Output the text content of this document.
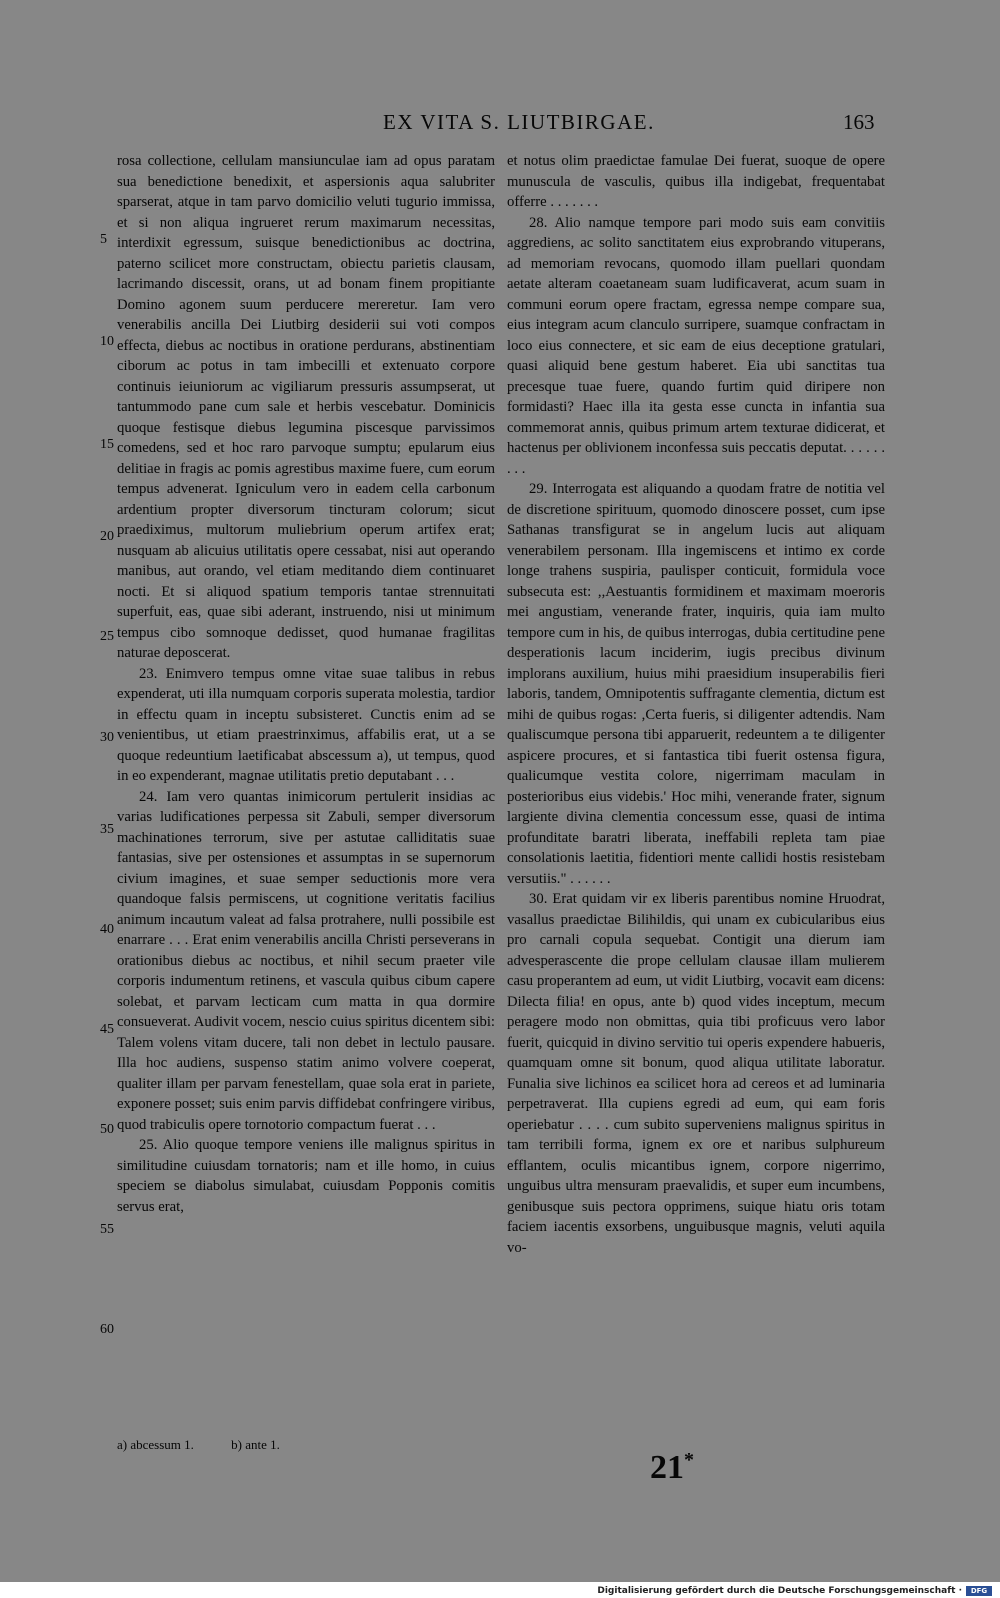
EX VITA S. LIUTBIRGAE.	163
5
10
15
20
25
30
35
40
45
50
55
60

rosa collectione, cellulam mansiunculae iam ad opus paratam sua benedictione benedixit, et aspersionis aqua salubriter sparserat, atque in tam parvo domicilio veluti tugurio immissa, et si non aliqua ingrueret rerum maximarum necessitas, interdixit egressum, suisque benedictionibus ac doctrina, paterno scilicet more constructam, obiectu parietis clausam, lacrimando discessit, orans, ut ad bonam finem propitiante Domino agonem suum perducere mereretur. Iam vero venerabilis ancilla Dei Liutbirg desiderii sui voti compos effecta, diebus ac noctibus in oratione perdurans, abstinentiam ciborum ac potus in tam imbecilli et extenuato corpore continuis ieiuniorum ac vigiliarum pressuris assumpserat, ut tantummodo pane cum sale et herbis vescebatur. Dominicis quoque festisque diebus legumina piscesque parvissimos comedens, sed et hoc raro parvoque sumptu; epularum eius delitiae in fragis ac pomis agrestibus maxime fuere, cum eorum tempus advenerat. Igniculum vero in eadem cella carbonum ardentium propter diversorum tincturam colorum; sicut praediximus, multorum muliebrium operum artifex erat; nusquam ab alicuius utilitatis opere cessabat, nisi aut operando manibus, aut orando, vel etiam meditando diem continuaret nocti. Et si aliquod spatium temporis tantae strennuitati superfuit, eas, quae sibi aderant, instruendo, nisi ut minimum tempus cibo somnoque dedisset, quod humanae fragilitas naturae deposcerat.

23. Enimvero tempus omne vitae suae talibus in rebus expenderat, uti illa numquam corporis superata molestia, tardior in effectu quam in inceptu subsisteret. Cunctis enim ad se venientibus, ut etiam praestrinximus, affabilis erat, ut a se quoque redeuntium laetificabat abscessum a), ut tempus, quod in eo expenderant, magnae utilitatis pretio deputabant . . .

24. Iam vero quantas inimicorum pertulerit insidias ac varias ludificationes perpessa sit Zabuli, semper diversorum machinationes terrorum, sive per astutae calliditatis suae fantasias, sive per ostensiones et assumptas in se supernorum civium imagines, et suae semper seductionis more vera quandoque falsis permiscens, ut cognitione veritatis facilius animum incautum valeat ad falsa protrahere, nulli possibile est enarrare . . . Erat enim venerabilis ancilla Christi perseverans in orationibus diebus ac noctibus, et nihil secum praeter vile corporis indumentum retinens, et vascula quibus cibum capere solebat, et parvam lecticam cum matta in qua dormire consueverat. Audivit vocem, nescio cuius spiritus dicentem sibi: Talem volens vitam ducere, tali non debet in lectulo pausare. Illa hoc audiens, suspenso statim animo volvere coeperat, qualiter illam per parvam fenestellam, quae sola erat in pariete, exponere posset; suis enim parvis diffidebat confringere viribus, quod trabiculis opere tornotorio compactum fuerat . . .

25. Alio quoque tempore veniens ille malignus spiritus in similitudine cuiusdam tornatoris; nam et ille homo, in cuius speciem se diabolus simulabat, cuiusdam Popponis comitis servus erat,

et notus olim praedictae famulae Dei fuerat, suoque de opere munuscula de vasculis, quibus illa indigebat, frequentabat offerre . . . . . . .

28. Alio namque tempore pari modo suis eam convitiis aggrediens, ac solito sanctitatem eius exprobrando vituperans, ad memoriam revocans, quomodo illam puellari quondam aetate alteram coaetaneam suam ludificaverat, acum suam in communi eorum opere fractam, egressa nempe compare sua, eius integram acum clanculo surripere, suamque confractam in loco eius connectere, et sic eam de eius deceptione gratulari, quasi aliquid bene gestum haberet. Eia ubi sanctitas tua precesque tuae fuere, quando furtim quid diripere non formidasti? Haec illa ita gesta esse cuncta in infantia sua commemorat annis, quibus primum artem texturae didicerat, et hactenus per oblivionem inconfessa suis peccatis deputat. . . . . . . . .

29. Interrogata est aliquando a quodam fratre de notitia vel de discretione spirituum, quomodo dinoscere posset, cum ipse Sathanas transfigurat se in angelum lucis aut aliquam venerabilem personam. Illa ingemiscens et intimo ex corde longe trahens suspiria, paulisper conticuit, formidula voce subsecuta est: ,,Aestuantis formidinem et maximam moeroris mei angustiam, venerande frater, inquiris, quia iam multo tempore cum in his, de quibus interrogas, dubia certitudine pene desperationis lacum inciderim, iugis precibus divinum implorans auxilium, huius mihi praesidium insuperabilis fieri laboris, tandem, Omnipotentis suffragante clementia, dictum est mihi de quibus rogas: ,Certa fueris, si diligenter adtendis. Nam qualiscumque persona tibi apparuerit, redeuntem a te diligenter aspicere procures, et si fantastica tibi fuerit ostensa figura, qualicumque vestita colore, nigerrimam maculam in posterioribus eius videbis.' Hoc mihi, venerande frater, signum largiente divina clementia concessum esse, quasi de intima profunditate baratri liberata, ineffabili repleta tam piae consolationis laetitia, fidentiori mente callidi hostis resistebam versutiis." . . . . . .

30. Erat quidam vir ex liberis parentibus nomine Hruodrat, vasallus praedictae Bilihildis, qui unam ex cubicularibus eius pro carnali copula sequebat. Contigit una dierum iam advesperascente die prope cellulam clausae illam mulierem casu properantem ad eum, ut vidit Liutbirg, vocavit eam dicens: Dilecta filia! en opus, ante b) quod vides inceptum, mecum peragere modo non obmittas, quia tibi proficuus vero labor fuerit, quicquid in divino servitio tui operis expendere habueris, quamquam omne sit bonum, quod aliqua utilitate laboratur. Funalia sive lichinos ea scilicet hora ad cereos et ad luminaria perpetraverat. Illa cupiens egredi ad eum, qui eam foris operiebatur . . . . cum subito superveniens malignus spiritus in tam terribili forma, ignem ex ore et naribus sulphureum efflantem, oculis micantibus ignem, corpore nigerrimo, unguibus ultra mensuram praevalidis, et super eum incumbens, genibusque suis pectora opprimens, suique hiatu oris totam faciem iacentis exsorbens, unguibusque magnis, veluti aquila vo-

a) abcessum 1.	b) ante 1.
21*
Digitalisierung gefördert durch die Deutsche Forschungsgemeinschaft ·	DFG
